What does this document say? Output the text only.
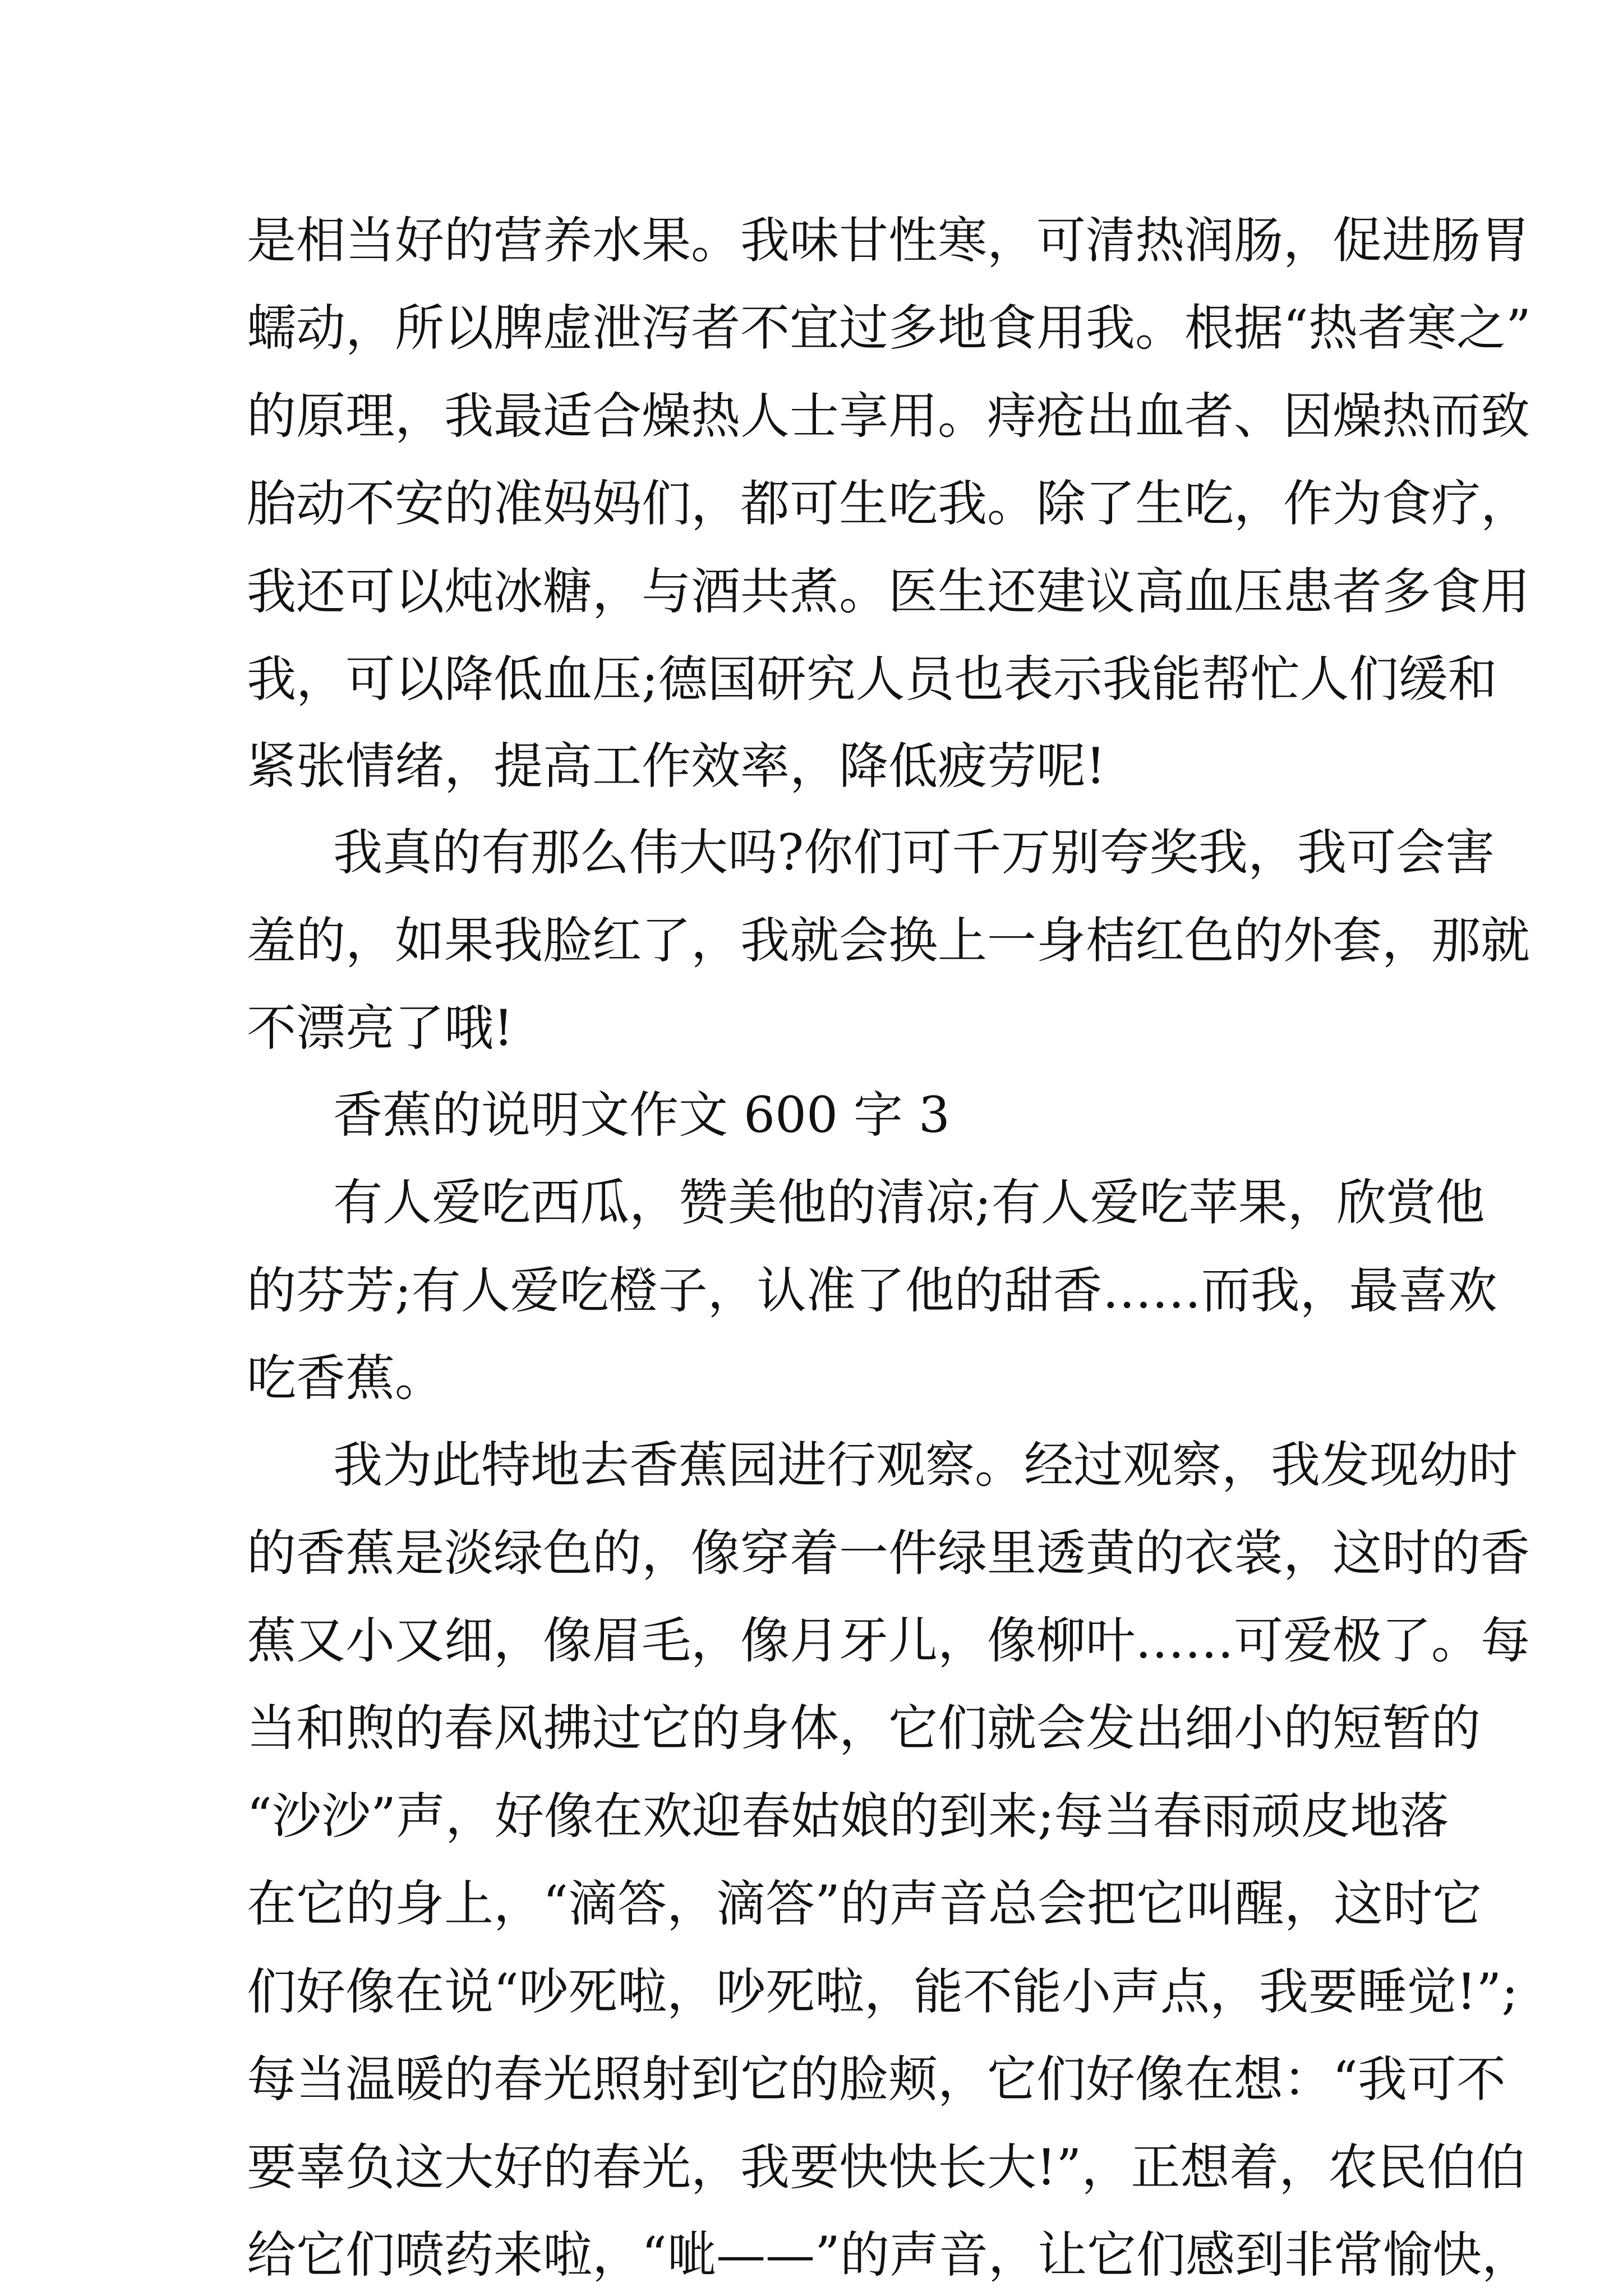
是相当好的营养水果。我味甘性寒，可清热润肠，促进肠胃
蠕动，所以脾虚泄泻者不宜过多地食用我。根据“热者寒之”
的原理，我最适合燥热人士享用。痔疮出血者、因燥热而致
胎动不安的准妈妈们，都可生吃我。除了生吃，作为食疗，
我还可以炖冰糖，与酒共煮。医生还建议高血压患者多食用
我，可以降低血压;德国研究人员也表示我能帮忙人们缓和
紧张情绪，提高工作效率，降低疲劳呢!
我真的有那么伟大吗?你们可千万别夸奖我，我可会害
羞的，如果我脸红了，我就会换上一身桔红色的外套，那就
不漂亮了哦!
香蕉的说明文作文 600 字 3
有人爱吃西瓜，赞美他的清凉;有人爱吃苹果，欣赏他
的芬芳;有人爱吃橙子，认准了他的甜香……而我，最喜欢
吃香蕉。
我为此特地去香蕉园进行观察。经过观察，我发现幼时
的香蕉是淡绿色的，像穿着一件绿里透黄的衣裳，这时的香
蕉又小又细，像眉毛，像月牙儿，像柳叶……可爱极了。每
当和煦的春风拂过它的身体，它们就会发出细小的短暂的
“沙沙”声，好像在欢迎春姑娘的到来;每当春雨顽皮地落
在它的身上，“滴答，滴答”的声音总会把它叫醒，这时它
们好像在说“吵死啦，吵死啦，能不能小声点，我要睡觉!”;
每当温暖的春光照射到它的脸颊，它们好像在想：“我可不
要辜负这大好的春光，我要快快长大!”，正想着，农民伯伯
给它们喷药来啦，“呲——”的声音，让它们感到非常愉快，
